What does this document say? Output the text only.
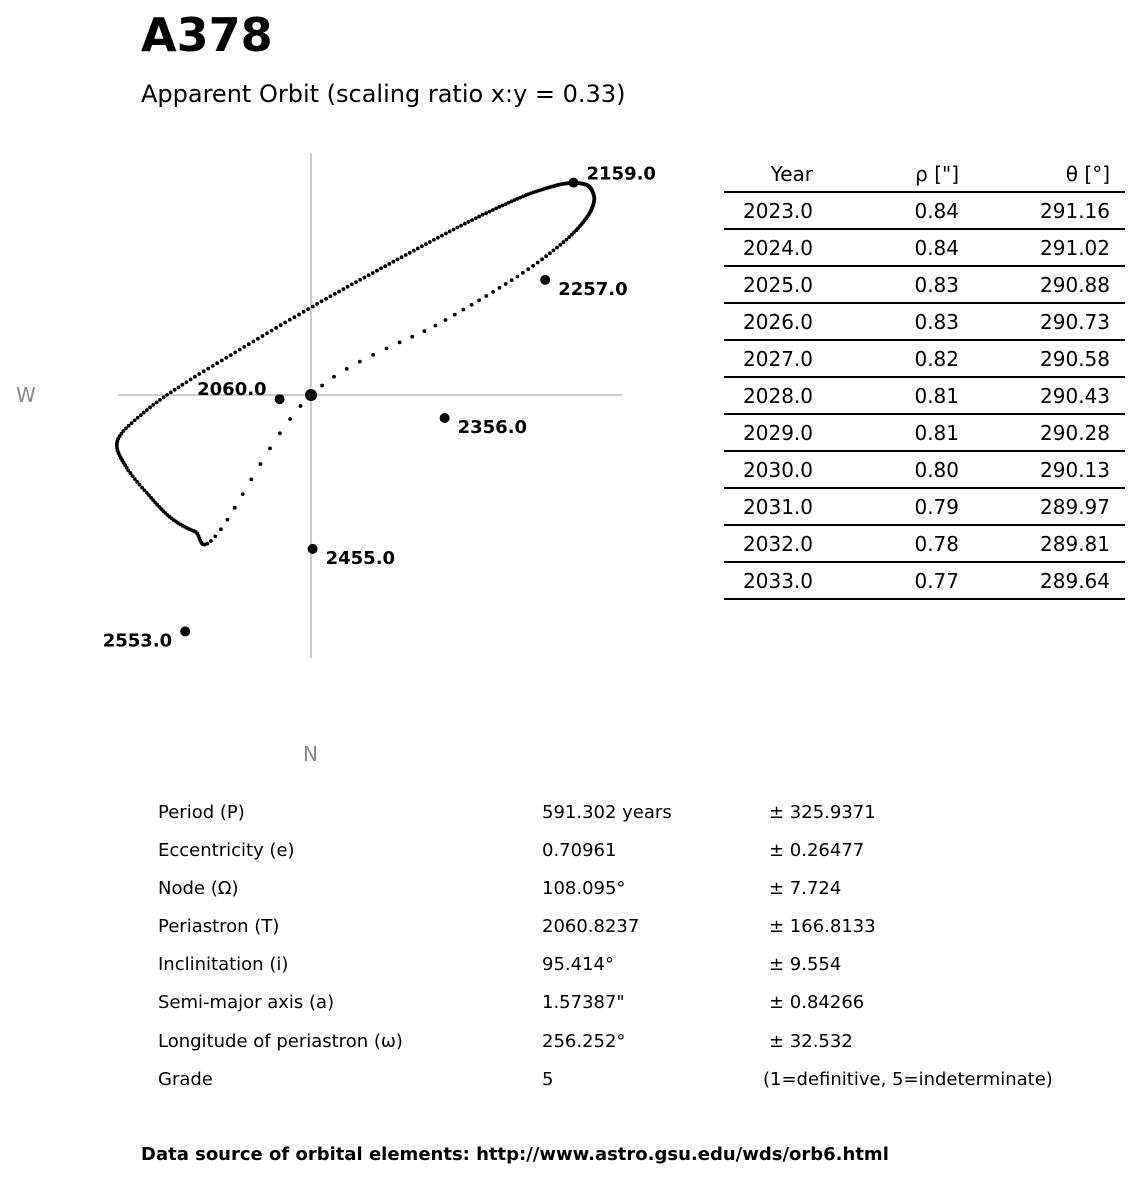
A378
Apparent Orbit (scaling ratio x:y = 0.33)
2060.0
2159.0
2257.0
2356.0
2455.0
2553.0
W
N
Year	ρ ["]	θ [°]
2023.0	0.84	291.16
2024.0	0.84	291.02
2025.0	0.83	290.88
2026.0	0.83	290.73
2027.0	0.82	290.58
2028.0	0.81	290.43
2029.0	0.81	290.28
2030.0	0.80	290.13
2031.0	0.79	289.97
2032.0	0.78	289.81
2033.0	0.77	289.64
Period (P)	591.302 years	± 325.9371
Eccentricity (e)	0.70961	± 0.26477
Node (Ω)	108.095°	± 7.724
Periastron (T)	2060.8237	± 166.8133
Inclinitation (i)	95.414°	± 9.554
Semi-major axis (a)	1.57387"	± 0.84266
Longitude of periastron (ω)	256.252°	± 32.532
Grade	5	(1=definitive, 5=indeterminate)
Data source of orbital elements: http://www.astro.gsu.edu/wds/orb6.html
